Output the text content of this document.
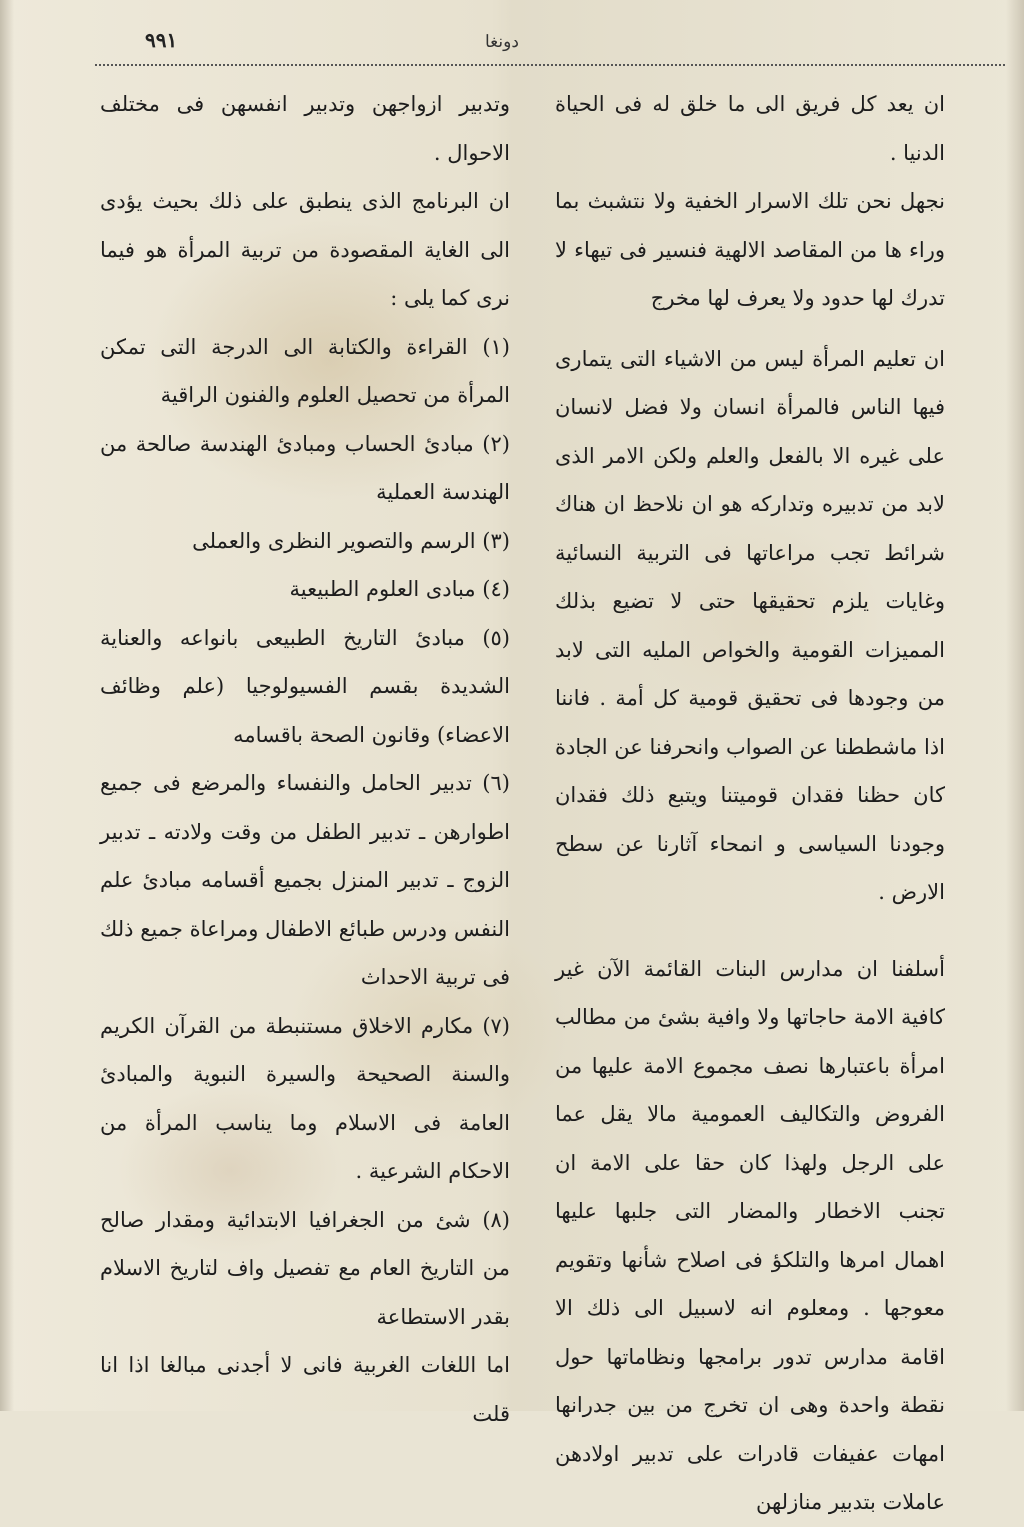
٩٩١	دونغا

ان يعد كل فريق الى ما خلق له فى الحياة الدنيا .

نجهل نحن تلك الاسرار الخفية ولا نتشبث بما وراء ها من المقاصد الالهية فنسير فى تيهاء لا تدرك لها حدود ولا يعرف لها مخرج

ان تعليم المرأة ليس من الاشياء التى يتمارى فيها الناس فالمرأة انسان ولا فضل لانسان على غيره الا بالفعل والعلم ولكن الامر الذى لابد من تدبيره وتداركه هو ان نلاحظ ان هناك شرائط تجب مراعاتها فى التربية النسائية وغايات يلزم تحقيقها حتى لا تضيع بذلك المميزات القومية والخواص المليه التى لابد من وجودها فى تحقيق قومية كل أمة . فاننا اذا ماشططنا عن الصواب وانحرفنا عن الجادة كان حظنا فقدان قوميتنا ويتبع ذلك فقدان وجودنا السياسى و انمحاء آثارنا عن سطح الارض .

أسلفنا ان مدارس البنات القائمة الآن غير كافية الامة حاجاتها ولا وافية بشئ من مطالب امرأة باعتبارها نصف مجموع الامة عليها من الفروض والتكاليف العمومية مالا يقل عما على الرجل ولهذا كان حقا على الامة ان تجنب الاخطار والمضار التى جلبها عليها اهمال امرها والتلكؤ فى اصلاح شأنها وتقويم معوجها . ومعلوم انه لاسبيل الى ذلك الا اقامة مدارس تدور برامجها ونظاماتها حول نقطة واحدة وهى ان تخرج من بين جدرانها امهات عفيفات قادرات على تدبير اولادهن عاملات بتدبير منازلهن

وتدبير ازواجهن وتدبير انفسهن فى مختلف الاحوال .

ان البرنامج الذى ينطبق على ذلك بحيث يؤدى الى الغاية المقصودة من تربية المرأة هو فيما نرى كما يلى :

(١) القراءة والكتابة الى الدرجة التى تمكن المرأة من تحصيل العلوم والفنون الراقية

(٢) مبادئ الحساب ومبادئ الهندسة صالحة من الهندسة العملية

(٣) الرسم والتصوير النظرى والعملى

(٤) مبادى العلوم الطبيعية

(٥) مبادئ التاريخ الطبيعى بانواعه والعناية الشديدة بقسم الفسيولوجيا (علم وظائف الاعضاء) وقانون الصحة باقسامه

(٦) تدبير الحامل والنفساء والمرضع فى جميع اطوارهن ـ تدبير الطفل من وقت ولادته ـ تدبير الزوج ـ تدبير المنزل بجميع أقسامه مبادئ علم النفس ودرس طبائع الاطفال ومراعاة جميع ذلك فى تربية الاحداث

(٧) مكارم الاخلاق مستنبطة من القرآن الكريم والسنة الصحيحة والسيرة النبوية والمبادئ العامة فى الاسلام وما يناسب المرأة من الاحكام الشرعية .

(٨) شئ من الجغرافيا الابتدائية ومقدار صالح من التاريخ العام مع تفصيل واف لتاريخ الاسلام بقدر الاستطاعة

اما اللغات الغربية فانى لا أجدنى مبالغا اذا انا قلت
